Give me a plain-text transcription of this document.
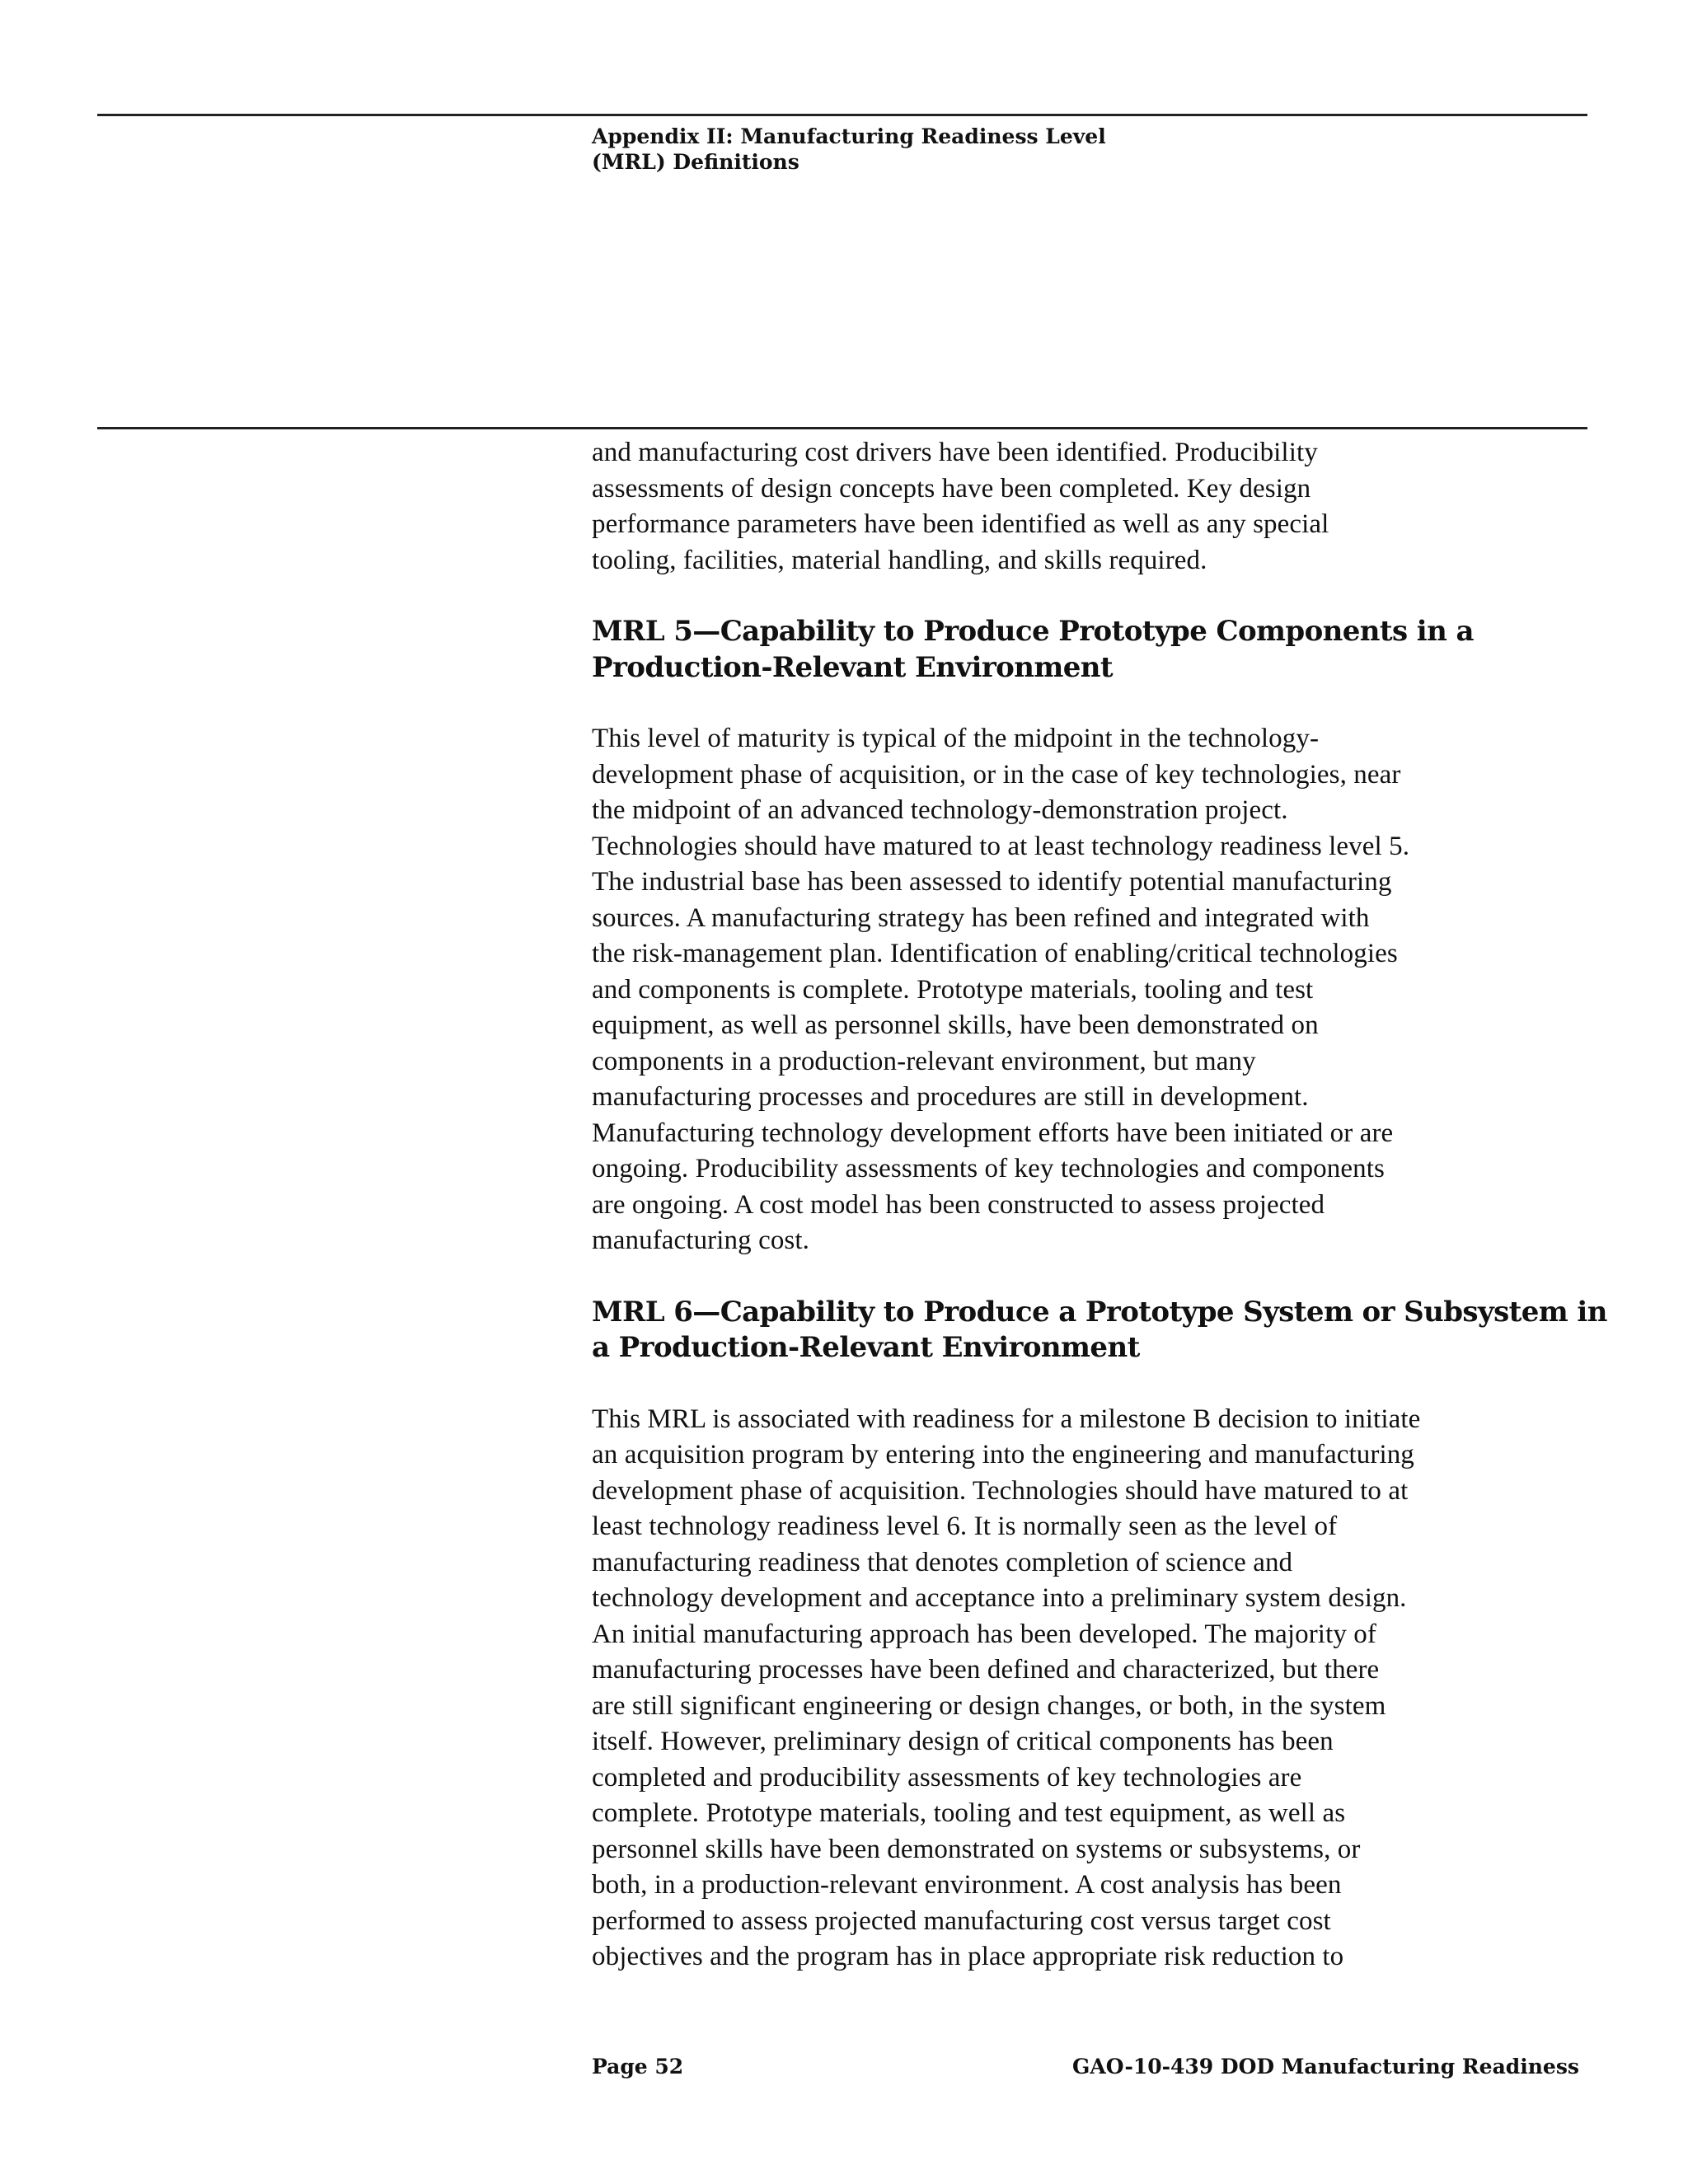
Appendix II: Manufacturing Readiness Level
(MRL) Definitions

and manufacturing cost drivers have been identified. Producibility
assessments of design concepts have been completed. Key design
performance parameters have been identified as well as any special
tooling, facilities, material handling, and skills required.

MRL 5—Capability to Produce Prototype Components in a
Production-Relevant Environment

This level of maturity is typical of the midpoint in the technology-
development phase of acquisition, or in the case of key technologies, near
the midpoint of an advanced technology-demonstration project.
Technologies should have matured to at least technology readiness level 5.
The industrial base has been assessed to identify potential manufacturing
sources. A manufacturing strategy has been refined and integrated with
the risk-management plan. Identification of enabling/critical technologies
and components is complete. Prototype materials, tooling and test
equipment, as well as personnel skills, have been demonstrated on
components in a production-relevant environment, but many
manufacturing processes and procedures are still in development.
Manufacturing technology development efforts have been initiated or are
ongoing. Producibility assessments of key technologies and components
are ongoing. A cost model has been constructed to assess projected
manufacturing cost.

MRL 6—Capability to Produce a Prototype System or Subsystem in
a Production-Relevant Environment

This MRL is associated with readiness for a milestone B decision to initiate
an acquisition program by entering into the engineering and manufacturing
development phase of acquisition. Technologies should have matured to at
least technology readiness level 6. It is normally seen as the level of
manufacturing readiness that denotes completion of science and
technology development and acceptance into a preliminary system design.
An initial manufacturing approach has been developed. The majority of
manufacturing processes have been defined and characterized, but there
are still significant engineering or design changes, or both, in the system
itself. However, preliminary design of critical components has been
completed and producibility assessments of key technologies are
complete. Prototype materials, tooling and test equipment, as well as
personnel skills have been demonstrated on systems or subsystems, or
both, in a production-relevant environment. A cost analysis has been
performed to assess projected manufacturing cost versus target cost
objectives and the program has in place appropriate risk reduction to

Page 52	GAO-10-439 DOD Manufacturing Readiness
